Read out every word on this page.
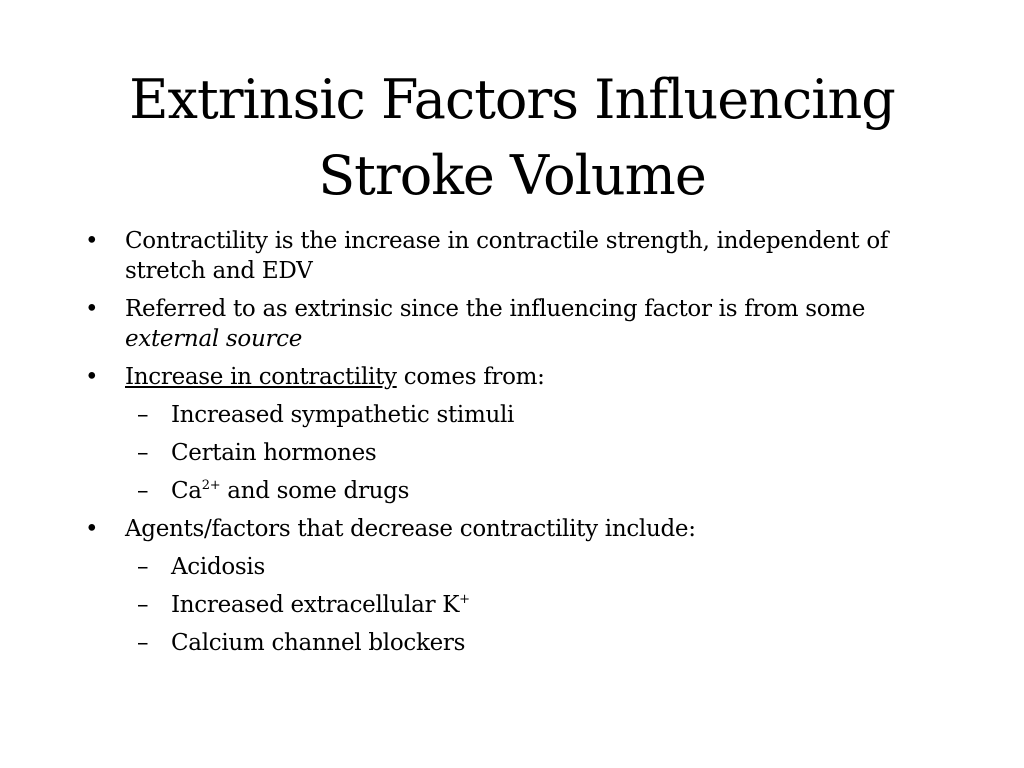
Extrinsic Factors Influencing
Stroke Volume
• Contractility is the increase in contractile strength, independent of stretch and EDV
• Referred to as extrinsic since the influencing factor is from some external source
• Increase in contractility comes from:
– Increased sympathetic stimuli
– Certain hormones
– $Ca^{2+}$ and some drugs
• Agents/factors that decrease contractility include:
– Acidosis
– Increased extracellular K+
– Calcium channel blockers
